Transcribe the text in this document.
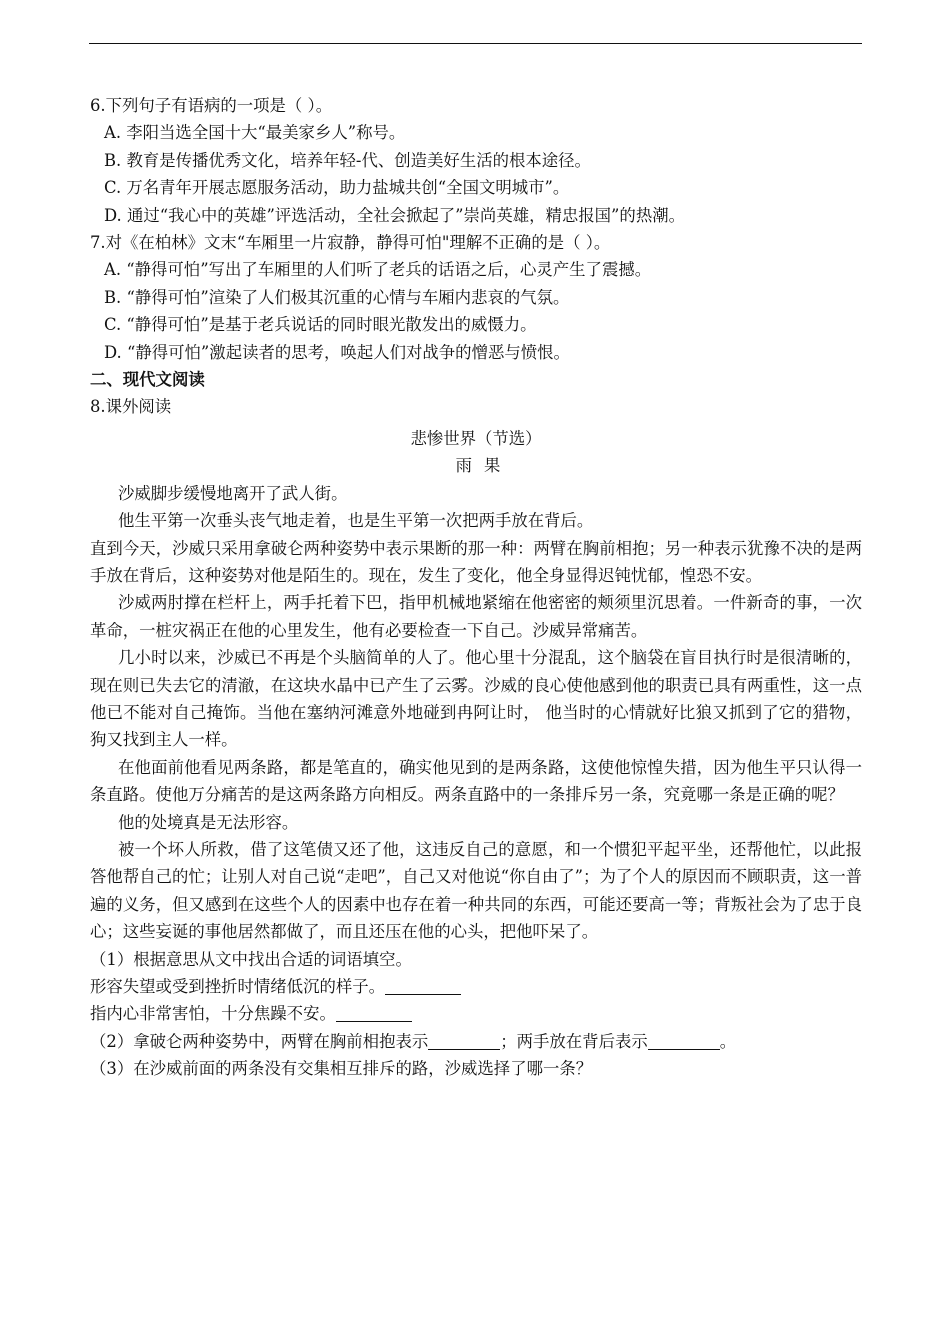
6.下列句子有语病的一项是（ ）。
A. 李阳当选全国十大“最美家乡人”称号。
B. 教育是传播优秀文化，培养年轻-代、创造美好生活的根本途径。
C. 万名青年开展志愿服务活动，助力盐城共创“全国文明城市”。
D. 通过“我心中的英雄”评选活动，全社会掀起了”崇尚英雄，精忠报国”的热潮。
7.对《在柏林》文末“车厢里一片寂静，静得可怕"理解不正确的是（ ）。
A. “静得可怕”写出了车厢里的人们听了老兵的话语之后，心灵产生了震撼。
B. “静得可怕”渲染了人们极其沉重的心情与车厢内悲哀的气氛。
C. “静得可怕”是基于老兵说话的同时眼光散发出的威慑力。
D. “静得可怕”激起读者的思考，唤起人们对战争的憎恶与愤恨。
二、现代文阅读
8.课外阅读
悲惨世界（节选）
雨果
沙威脚步缓慢地离开了武人街。
他生平第一次垂头丧气地走着，也是生平第一次把两手放在背后。
直到今天，沙威只采用拿破仑两种姿势中表示果断的那一种：两臂在胸前相抱；另一种表示犹豫不决的是两手放在背后，这种姿势对他是陌生的。现在，发生了变化，他全身显得迟钝忧郁，惶恐不安。
沙威两肘撑在栏杆上，两手托着下巴，指甲机械地紧缩在他密密的颊须里沉思着。一件新奇的事，一次革命，一桩灾祸正在他的心里发生，他有必要检查一下自己。沙威异常痛苦。
几小时以来，沙威已不再是个头脑简单的人了。他心里十分混乱，这个脑袋在盲目执行时是很清晰的，现在则已失去它的清澈，在这块水晶中已产生了云雾。沙威的良心使他感到他的职责已具有两重性，这一点他已不能对自己掩饰。当他在塞纳河滩意外地碰到冉阿让时， 他当时的心情就好比狼又抓到了它的猎物，狗又找到主人一样。
在他面前他看见两条路，都是笔直的，确实他见到的是两条路，这使他惊惶失措，因为他生平只认得一条直路。使他万分痛苦的是这两条路方向相反。两条直路中的一条排斥另一条，究竟哪一条是正确的呢？
他的处境真是无法形容。
被一个坏人所救，借了这笔债又还了他，这违反自己的意愿，和一个惯犯平起平坐，还帮他忙，以此报答他帮自己的忙；让别人对自己说“走吧”，自己又对他说“你自由了”；为了个人的原因而不顾职责，这一普遍的义务，但又感到在这些个人的因素中也存在着一种共同的东西，可能还要高一等；背叛社会为了忠于良心；这些妄诞的事他居然都做了，而且还压在他的心头，把他吓呆了。
（1）根据意思从文中找出合适的词语填空。
形容失望或受到挫折时情绪低沉的样子。
指内心非常害怕，十分焦躁不安。
（2）拿破仑两种姿势中，两臂在胸前相抱表示	；两手放在背后表示	。
（3）在沙威前面的两条没有交集相互排斥的路，沙威选择了哪一条？
